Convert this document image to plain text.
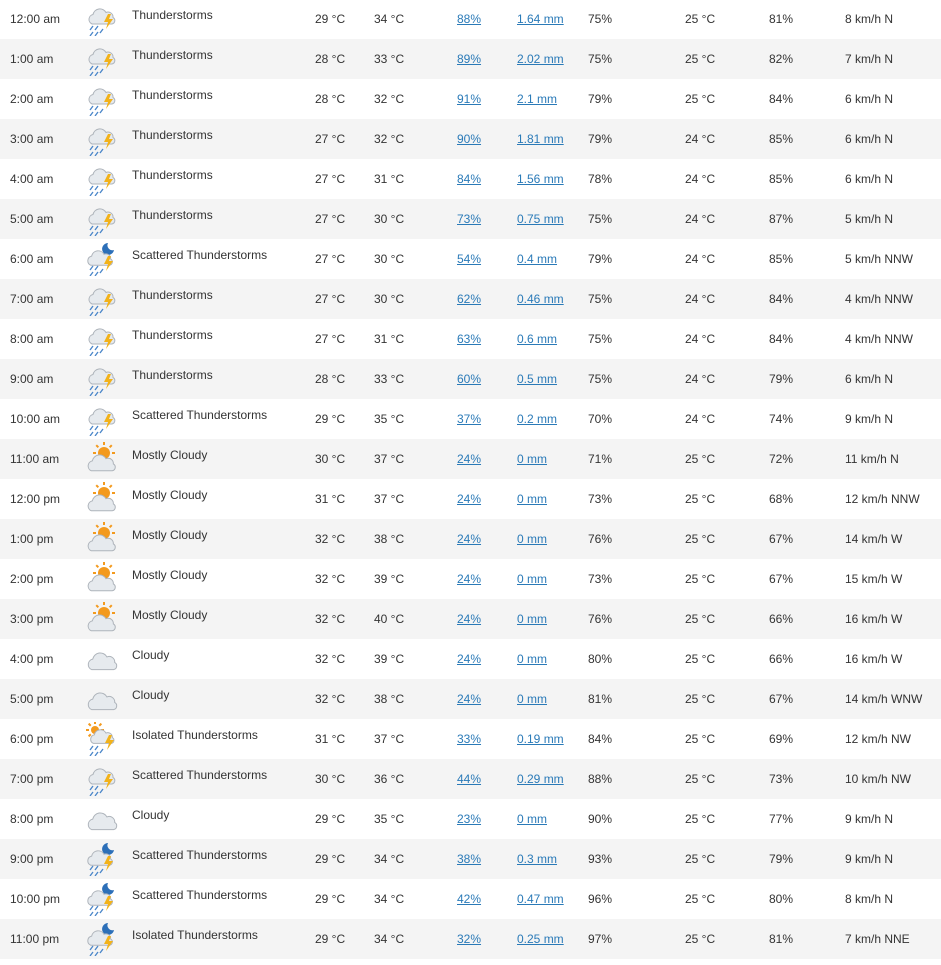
12:00 am	Thunderstorms	29 °C 34 °C	88%	1.64 mm 75%	25 °C	81%	8 km/h N
1:00 am	Thunderstorms	28 °C 33 °C	89%	2.02 mm 75%	25 °C	82%	7 km/h N
2:00 am	Thunderstorms	28 °C 32 °C	91%	2.1 mm	79%	25 °C	84%	6 km/h N
3:00 am	Thunderstorms	27 °C 32 °C	90%	1.81 mm 79%	24 °C	85%	6 km/h N
4:00 am	Thunderstorms	27 °C 31 °C	84%	1.56 mm 78%	24 °C	85%	6 km/h N
5:00 am	Thunderstorms	27 °C 30 °C	73%	0.75 mm 75%	24 °C	87%	5 km/h N
6:00 am	Scattered Thunderstorms	27 °C 30 °C	54%	0.4 mm	79%	24 °C	85%	5 km/h NNW
7:00 am	Thunderstorms	27 °C 30 °C	62%	0.46 mm 75%	24 °C	84%	4 km/h NNW
8:00 am	Thunderstorms	27 °C 31 °C	63%	0.6 mm	75%	24 °C	84%	4 km/h NNW
9:00 am	Thunderstorms	28 °C 33 °C	60%	0.5 mm	75%	24 °C	79%	6 km/h N
10:00 am	Scattered Thunderstorms	29 °C 35 °C	37%	0.2 mm	70%	24 °C	74%	9 km/h N
11:00 am	Mostly Cloudy	30 °C 37 °C	24%	0 mm	71%	25 °C	72%	11 km/h N
12:00 pm	Mostly Cloudy	31 °C 37 °C	24%	0 mm	73%	25 °C	68%	12 km/h NNW
1:00 pm	Mostly Cloudy	32 °C 38 °C	24%	0 mm	76%	25 °C	67%	14 km/h W
2:00 pm	Mostly Cloudy	32 °C 39 °C	24%	0 mm	73%	25 °C	67%	15 km/h W
3:00 pm	Mostly Cloudy	32 °C 40 °C	24%	0 mm	76%	25 °C	66%	16 km/h W
4:00 pm	Cloudy	32 °C 39 °C	24%	0 mm	80%	25 °C	66%	16 km/h W
5:00 pm	Cloudy	32 °C 38 °C	24%	0 mm	81%	25 °C	67%	14 km/h WNW
6:00 pm	Isolated Thunderstorms	31 °C 37 °C	33%	0.19 mm 84%	25 °C	69%	12 km/h NW
7:00 pm	Scattered Thunderstorms	30 °C 36 °C	44%	0.29 mm 88%	25 °C	73%	10 km/h NW
8:00 pm	Cloudy	29 °C 35 °C	23%	0 mm	90%	25 °C	77%	9 km/h N
9:00 pm	Scattered Thunderstorms	29 °C 34 °C	38%	0.3 mm	93%	25 °C	79%	9 km/h N
10:00 pm	Scattered Thunderstorms	29 °C 34 °C	42%	0.47 mm 96%	25 °C	80%	8 km/h N
11:00 pm	Isolated Thunderstorms	29 °C 34 °C	32%	0.25 mm 97%	25 °C	81%	7 km/h NNE
